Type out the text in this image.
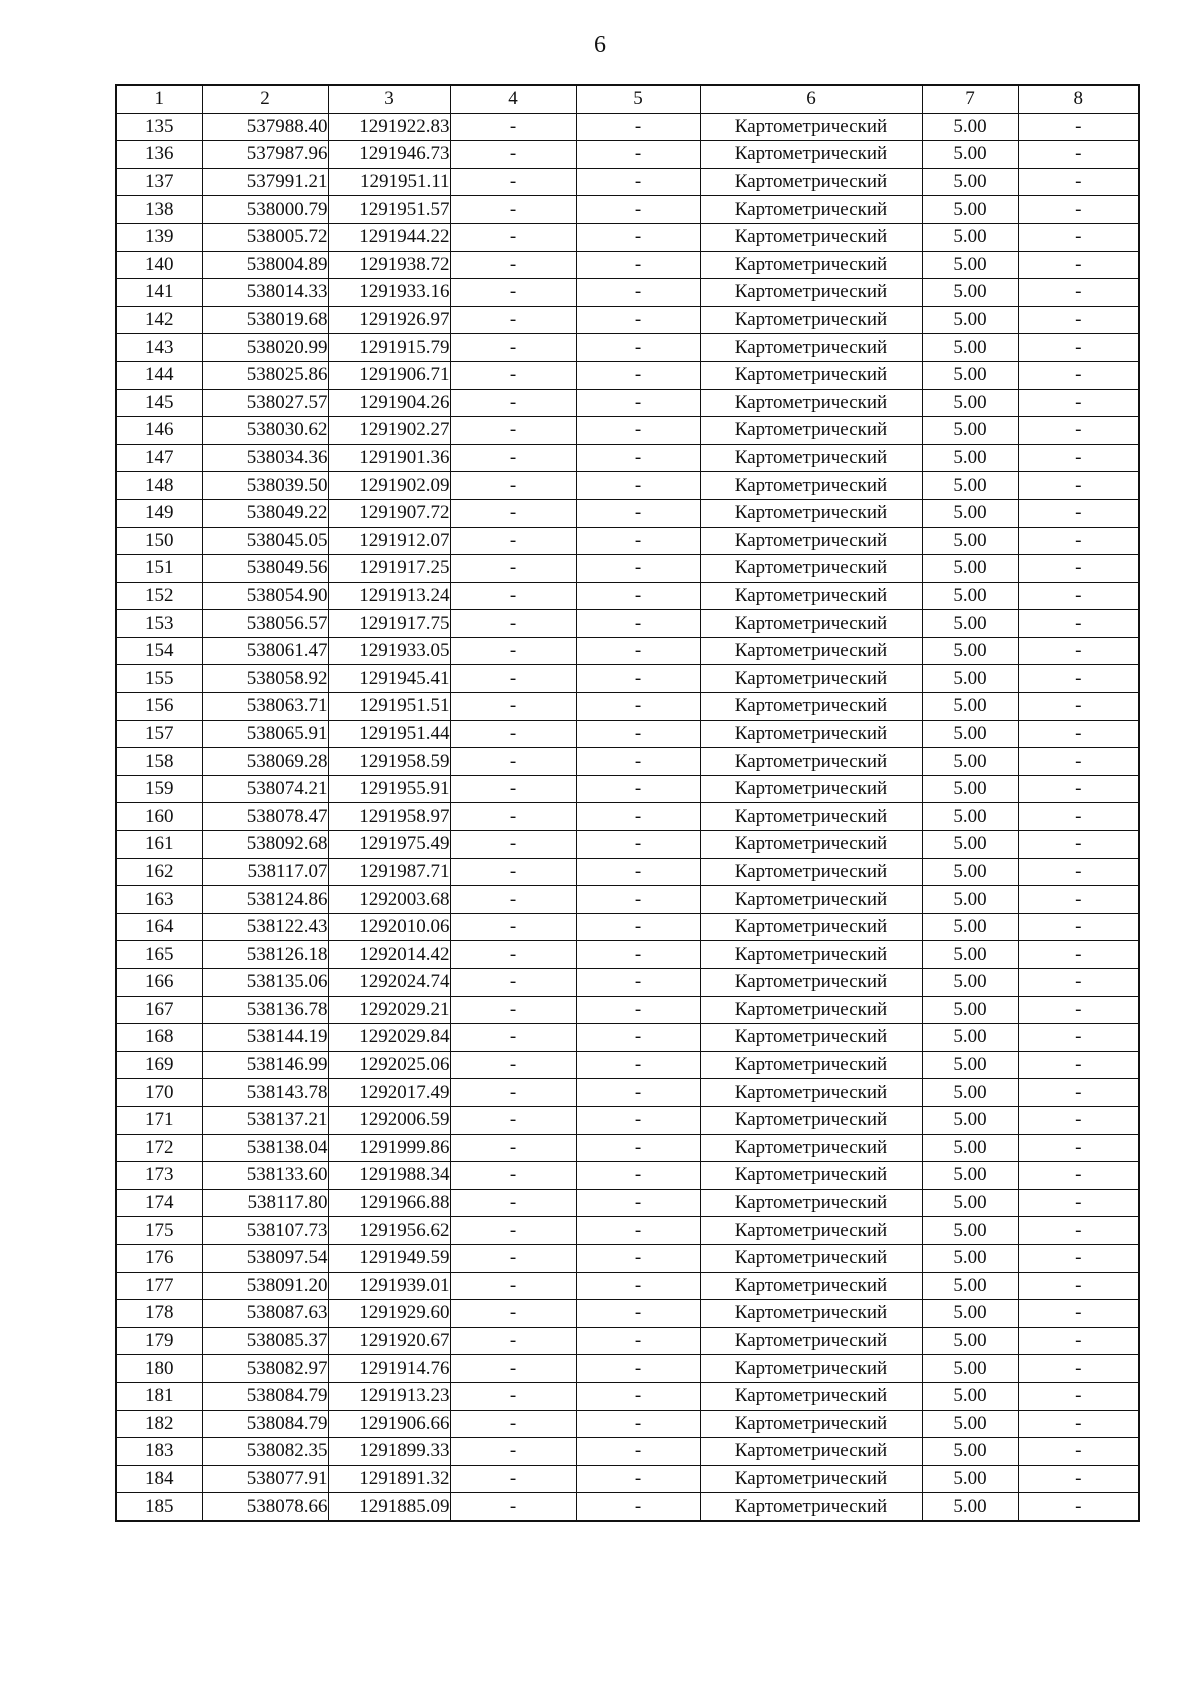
6
1	2	3	4	5	6	7	8
135	537988.40	1291922.83	-	-	Картометрический	5.00	-
136	537987.96	1291946.73	-	-	Картометрический	5.00	-
137	537991.21	1291951.11	-	-	Картометрический	5.00	-
138	538000.79	1291951.57	-	-	Картометрический	5.00	-
139	538005.72	1291944.22	-	-	Картометрический	5.00	-
140	538004.89	1291938.72	-	-	Картометрический	5.00	-
141	538014.33	1291933.16	-	-	Картометрический	5.00	-
142	538019.68	1291926.97	-	-	Картометрический	5.00	-
143	538020.99	1291915.79	-	-	Картометрический	5.00	-
144	538025.86	1291906.71	-	-	Картометрический	5.00	-
145	538027.57	1291904.26	-	-	Картометрический	5.00	-
146	538030.62	1291902.27	-	-	Картометрический	5.00	-
147	538034.36	1291901.36	-	-	Картометрический	5.00	-
148	538039.50	1291902.09	-	-	Картометрический	5.00	-
149	538049.22	1291907.72	-	-	Картометрический	5.00	-
150	538045.05	1291912.07	-	-	Картометрический	5.00	-
151	538049.56	1291917.25	-	-	Картометрический	5.00	-
152	538054.90	1291913.24	-	-	Картометрический	5.00	-
153	538056.57	1291917.75	-	-	Картометрический	5.00	-
154	538061.47	1291933.05	-	-	Картометрический	5.00	-
155	538058.92	1291945.41	-	-	Картометрический	5.00	-
156	538063.71	1291951.51	-	-	Картометрический	5.00	-
157	538065.91	1291951.44	-	-	Картометрический	5.00	-
158	538069.28	1291958.59	-	-	Картометрический	5.00	-
159	538074.21	1291955.91	-	-	Картометрический	5.00	-
160	538078.47	1291958.97	-	-	Картометрический	5.00	-
161	538092.68	1291975.49	-	-	Картометрический	5.00	-
162	538117.07	1291987.71	-	-	Картометрический	5.00	-
163	538124.86	1292003.68	-	-	Картометрический	5.00	-
164	538122.43	1292010.06	-	-	Картометрический	5.00	-
165	538126.18	1292014.42	-	-	Картометрический	5.00	-
166	538135.06	1292024.74	-	-	Картометрический	5.00	-
167	538136.78	1292029.21	-	-	Картометрический	5.00	-
168	538144.19	1292029.84	-	-	Картометрический	5.00	-
169	538146.99	1292025.06	-	-	Картометрический	5.00	-
170	538143.78	1292017.49	-	-	Картометрический	5.00	-
171	538137.21	1292006.59	-	-	Картометрический	5.00	-
172	538138.04	1291999.86	-	-	Картометрический	5.00	-
173	538133.60	1291988.34	-	-	Картометрический	5.00	-
174	538117.80	1291966.88	-	-	Картометрический	5.00	-
175	538107.73	1291956.62	-	-	Картометрический	5.00	-
176	538097.54	1291949.59	-	-	Картометрический	5.00	-
177	538091.20	1291939.01	-	-	Картометрический	5.00	-
178	538087.63	1291929.60	-	-	Картометрический	5.00	-
179	538085.37	1291920.67	-	-	Картометрический	5.00	-
180	538082.97	1291914.76	-	-	Картометрический	5.00	-
181	538084.79	1291913.23	-	-	Картометрический	5.00	-
182	538084.79	1291906.66	-	-	Картометрический	5.00	-
183	538082.35	1291899.33	-	-	Картометрический	5.00	-
184	538077.91	1291891.32	-	-	Картометрический	5.00	-
185	538078.66	1291885.09	-	-	Картометрический	5.00	-
